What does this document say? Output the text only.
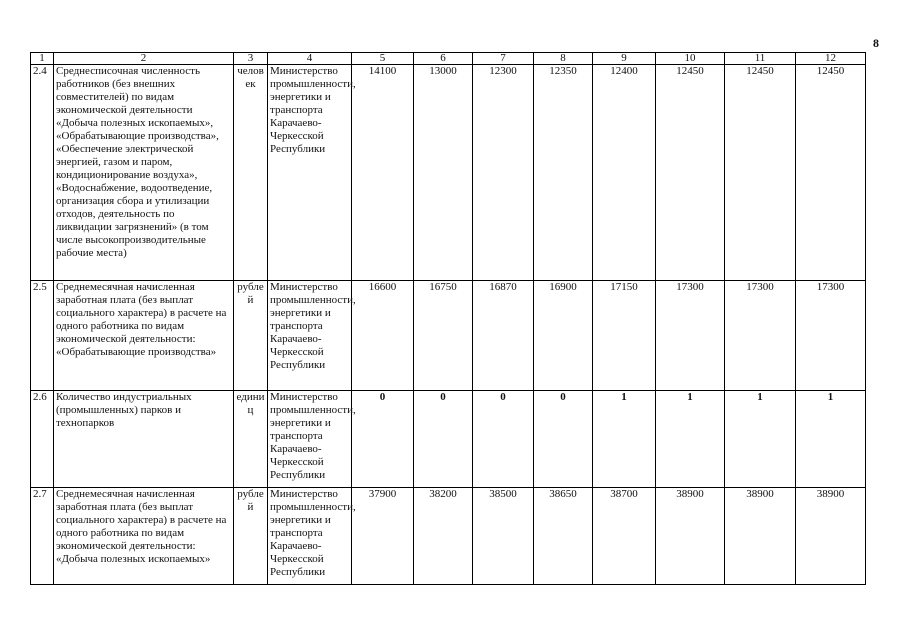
8
1	2	3	4	5	6	7	8	9	10	11	12
2.4	Среднесписочная численность работников (без внешних совместителей) по видам экономической деятельности «Добыча полезных ископаемых», «Обрабатывающие производства», «Обеспечение электрической энергией, газом и паром, кондиционирование воздуха», «Водоснабжение, водоотведение, организация сбора и утилизации отходов, деятельность по ликвидации загрязнений» (в том числе высокопроизводительные рабочие места)	человек	Министерство промышленности, энергетики и транспорта Карачаево-Черкесской Республики	14100	13000	12300	12350	12400	12450	12450	12450
2.5	Среднемесячная начисленная заработная плата (без выплат социального характера) в расчете на одного работника по видам экономической деятельности: «Обрабатывающие производства»	рублей	Министерство промышленности, энергетики и транспорта Карачаево-Черкесской Республики	16600	16750	16870	16900	17150	17300	17300	17300
2.6	Количество индустриальных (промышленных) парков и технопарков	единиц	Министерство промышленности, энергетики и транспорта Карачаево-Черкесской Республики	0	0	0	0	1	1	1	1
2.7	Среднемесячная начисленная заработная плата (без выплат социального характера) в расчете на одного работника по видам экономической деятельности: «Добыча полезных ископаемых»	рублей	Министерство промышленности, энергетики и транспорта Карачаево-Черкесской Республики	37900	38200	38500	38650	38700	38900	38900	38900
